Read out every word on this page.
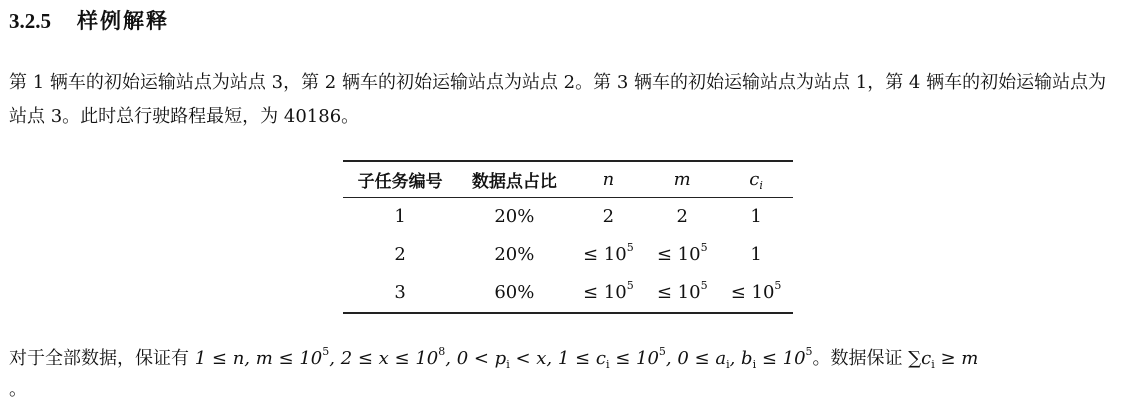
3.2.5 样例解释
第 1 辆车的初始运输站点为站点 3，第 2 辆车的初始运输站点为站点 2。第 3 辆车的初始运输站点为站点 1，第 4 辆车的初始运输站点为站点 3。此时总行驶路程最短，为 40186。
子任务编号	数据点占比	n	m	$c_i$
1	20%	2	2	1
2	20%	≤ $10^5$	≤ $10^5$	1
3	60%	≤ $10^5$	≤ $10^5$	≤ $10^5$
对于全部数据，保证有 1 ≤ n, $m \le 10^5$, $2 \le x \le 10^8$, $0 < p_i < x$, $1 \le c_i \le 10^5$, $0 \le a_i$, $b_i \le 10^5$。数据保证 $\sum c_i \ge m$
。
